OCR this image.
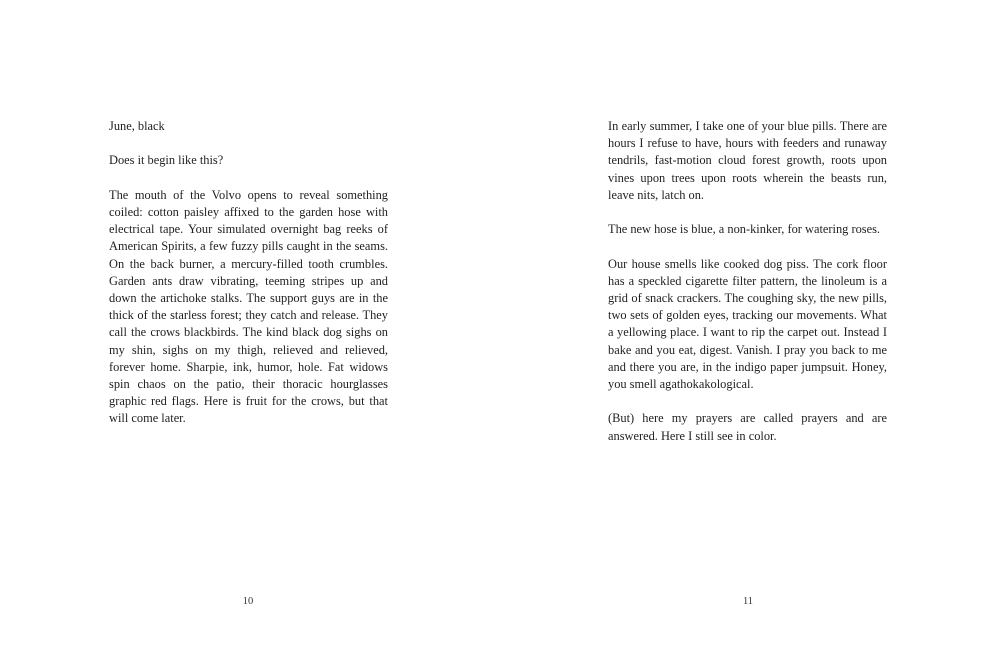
June, black

Does it begin like this?

The mouth of the Volvo opens to reveal something coiled: cotton paisley affixed to the garden hose with electrical tape. Your simulated overnight bag reeks of American Spirits, a few fuzzy pills caught in the seams. On the back burner, a mercury-filled tooth crumbles. Garden ants draw vibrating, teeming stripes up and down the artichoke stalks. The support guys are in the thick of the starless forest; they catch and release. They call the crows blackbirds. The kind black dog sighs on my shin, sighs on my thigh, relieved and relieved, forever home. Sharpie, ink, humor, hole. Fat widows spin chaos on the patio, their thoracic hourglasses graphic red flags. Here is fruit for the crows, but that will come later.

10

In early summer, I take one of your blue pills. There are hours I refuse to have, hours with feeders and runaway tendrils, fast-motion cloud forest growth, roots upon vines upon trees upon roots wherein the beasts run, leave nits, latch on.

The new hose is blue, a non-kinker, for watering roses.

Our house smells like cooked dog piss. The cork floor has a speckled cigarette filter pattern, the linoleum is a grid of snack crackers. The coughing sky, the new pills, two sets of golden eyes, tracking our movements. What a yellowing place. I want to rip the carpet out. Instead I bake and you eat, digest. Vanish. I pray you back to me and there you are, in the indigo paper jumpsuit. Honey, you smell agathokakological.

(But) here my prayers are called prayers and are answered. Here I still see in color.

11
